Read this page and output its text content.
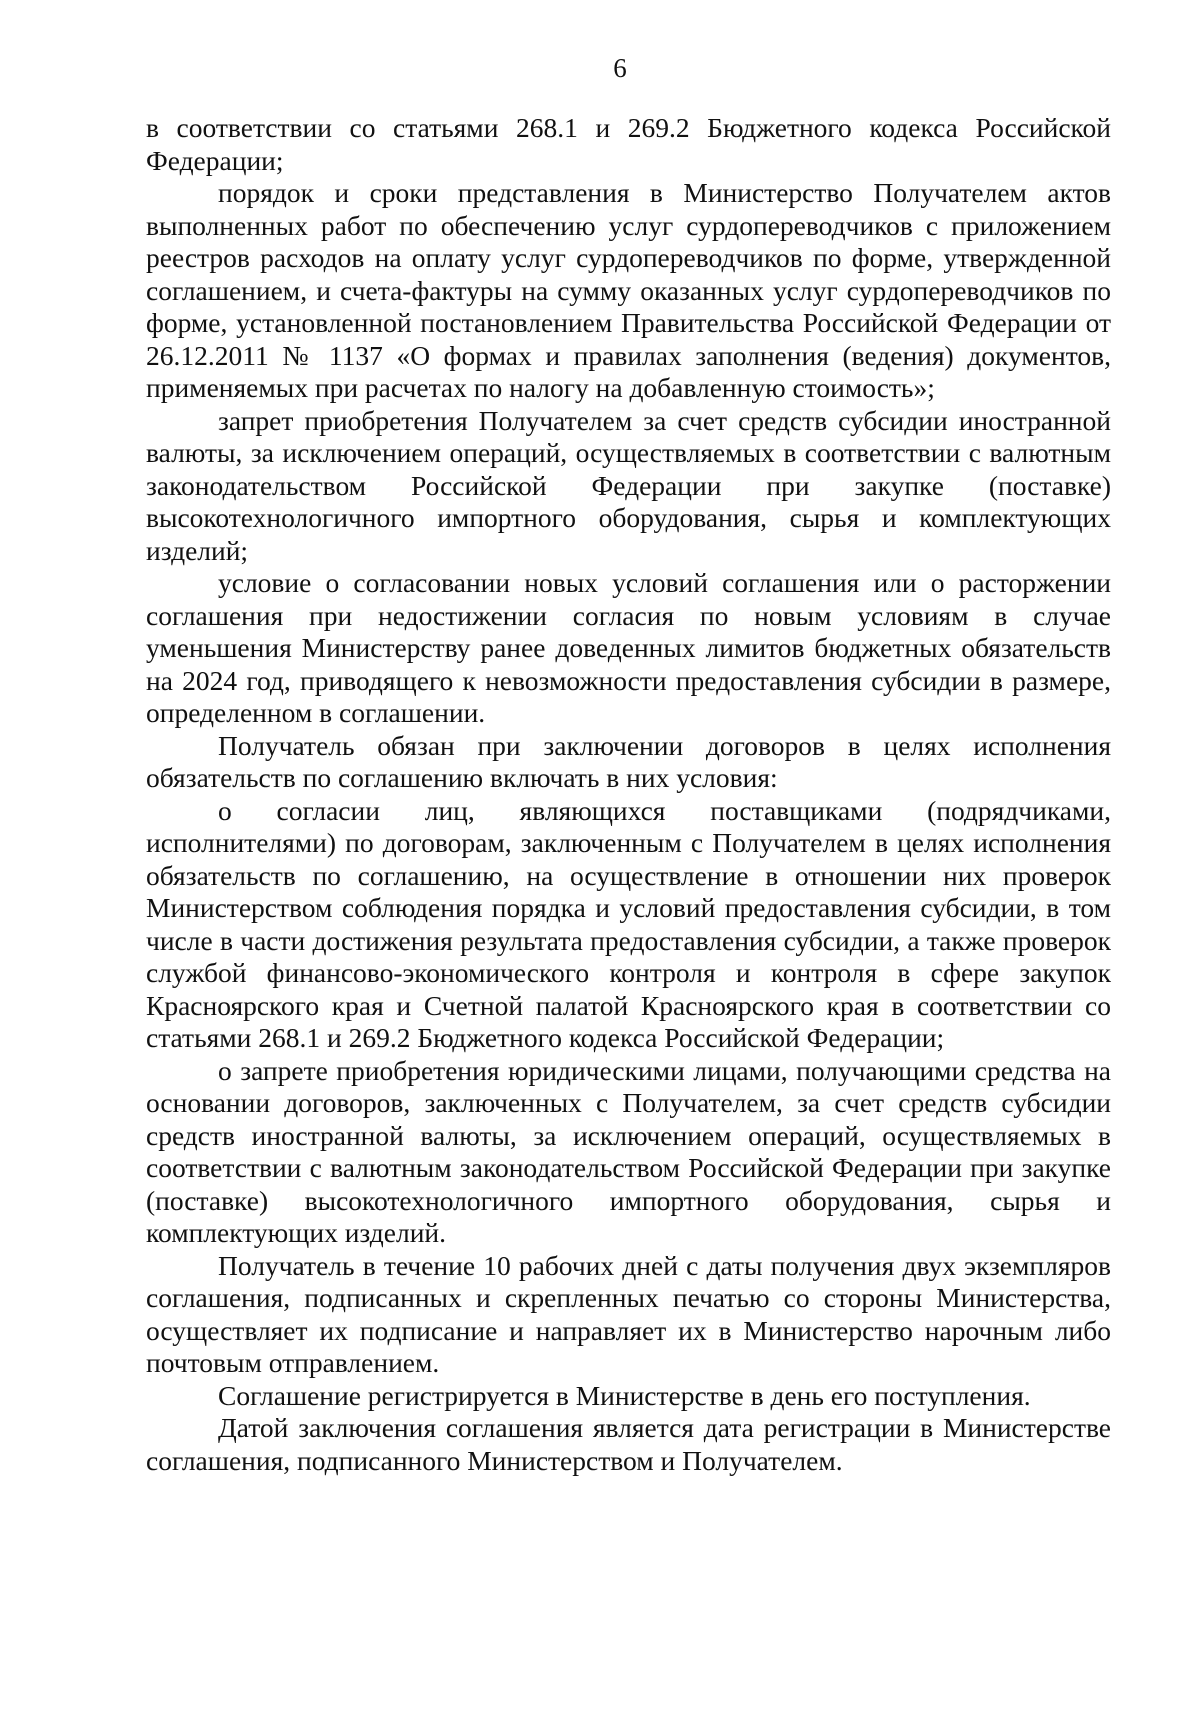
6

в соответствии со статьями 268.1 и 269.2 Бюджетного кодекса Российской Федерации;

порядок и сроки представления в Министерство Получателем актов выполненных работ по обеспечению услуг сурдопереводчиков с приложением реестров расходов на оплату услуг сурдопереводчиков по форме, утвержденной соглашением, и счета-фактуры на сумму оказанных услуг сурдопереводчиков по форме, установленной постановлением Правительства Российской Федерации от 26.12.2011 № 1137 «О формах и правилах заполнения (ведения) документов, применяемых при расчетах по налогу на добавленную стоимость»;

запрет приобретения Получателем за счет средств субсидии иностранной валюты, за исключением операций, осуществляемых в соответствии с валютным законодательством Российской Федерации при закупке (поставке) высокотехнологичного импортного оборудования, сырья и комплектующих изделий;

условие о согласовании новых условий соглашения или о расторжении соглашения при недостижении согласия по новым условиям в случае уменьшения Министерству ранее доведенных лимитов бюджетных обязательств на 2024 год, приводящего к невозможности предоставления субсидии в размере, определенном в соглашении.

Получатель обязан при заключении договоров в целях исполнения обязательств по соглашению включать в них условия:

о согласии лиц, являющихся поставщиками (подрядчиками, исполнителями) по договорам, заключенным с Получателем в целях исполнения обязательств по соглашению, на осуществление в отношении них проверок Министерством соблюдения порядка и условий предоставления субсидии, в том числе в части достижения результата предоставления субсидии, а также проверок службой финансово-экономического контроля и контроля в сфере закупок Красноярского края и Счетной палатой Красноярского края в соответствии со статьями 268.1 и 269.2 Бюджетного кодекса Российской Федерации;

о запрете приобретения юридическими лицами, получающими средства на основании договоров, заключенных с Получателем, за счет средств субсидии средств иностранной валюты, за исключением операций, осуществляемых в соответствии с валютным законодательством Российской Федерации при закупке (поставке) высокотехнологичного импортного оборудования, сырья и комплектующих изделий.

Получатель в течение 10 рабочих дней с даты получения двух экземпляров соглашения, подписанных и скрепленных печатью со стороны Министерства, осуществляет их подписание и направляет их в Министерство нарочным либо почтовым отправлением.

Соглашение регистрируется в Министерстве в день его поступления.

Датой заключения соглашения является дата регистрации в Министерстве соглашения, подписанного Министерством и Получателем.
